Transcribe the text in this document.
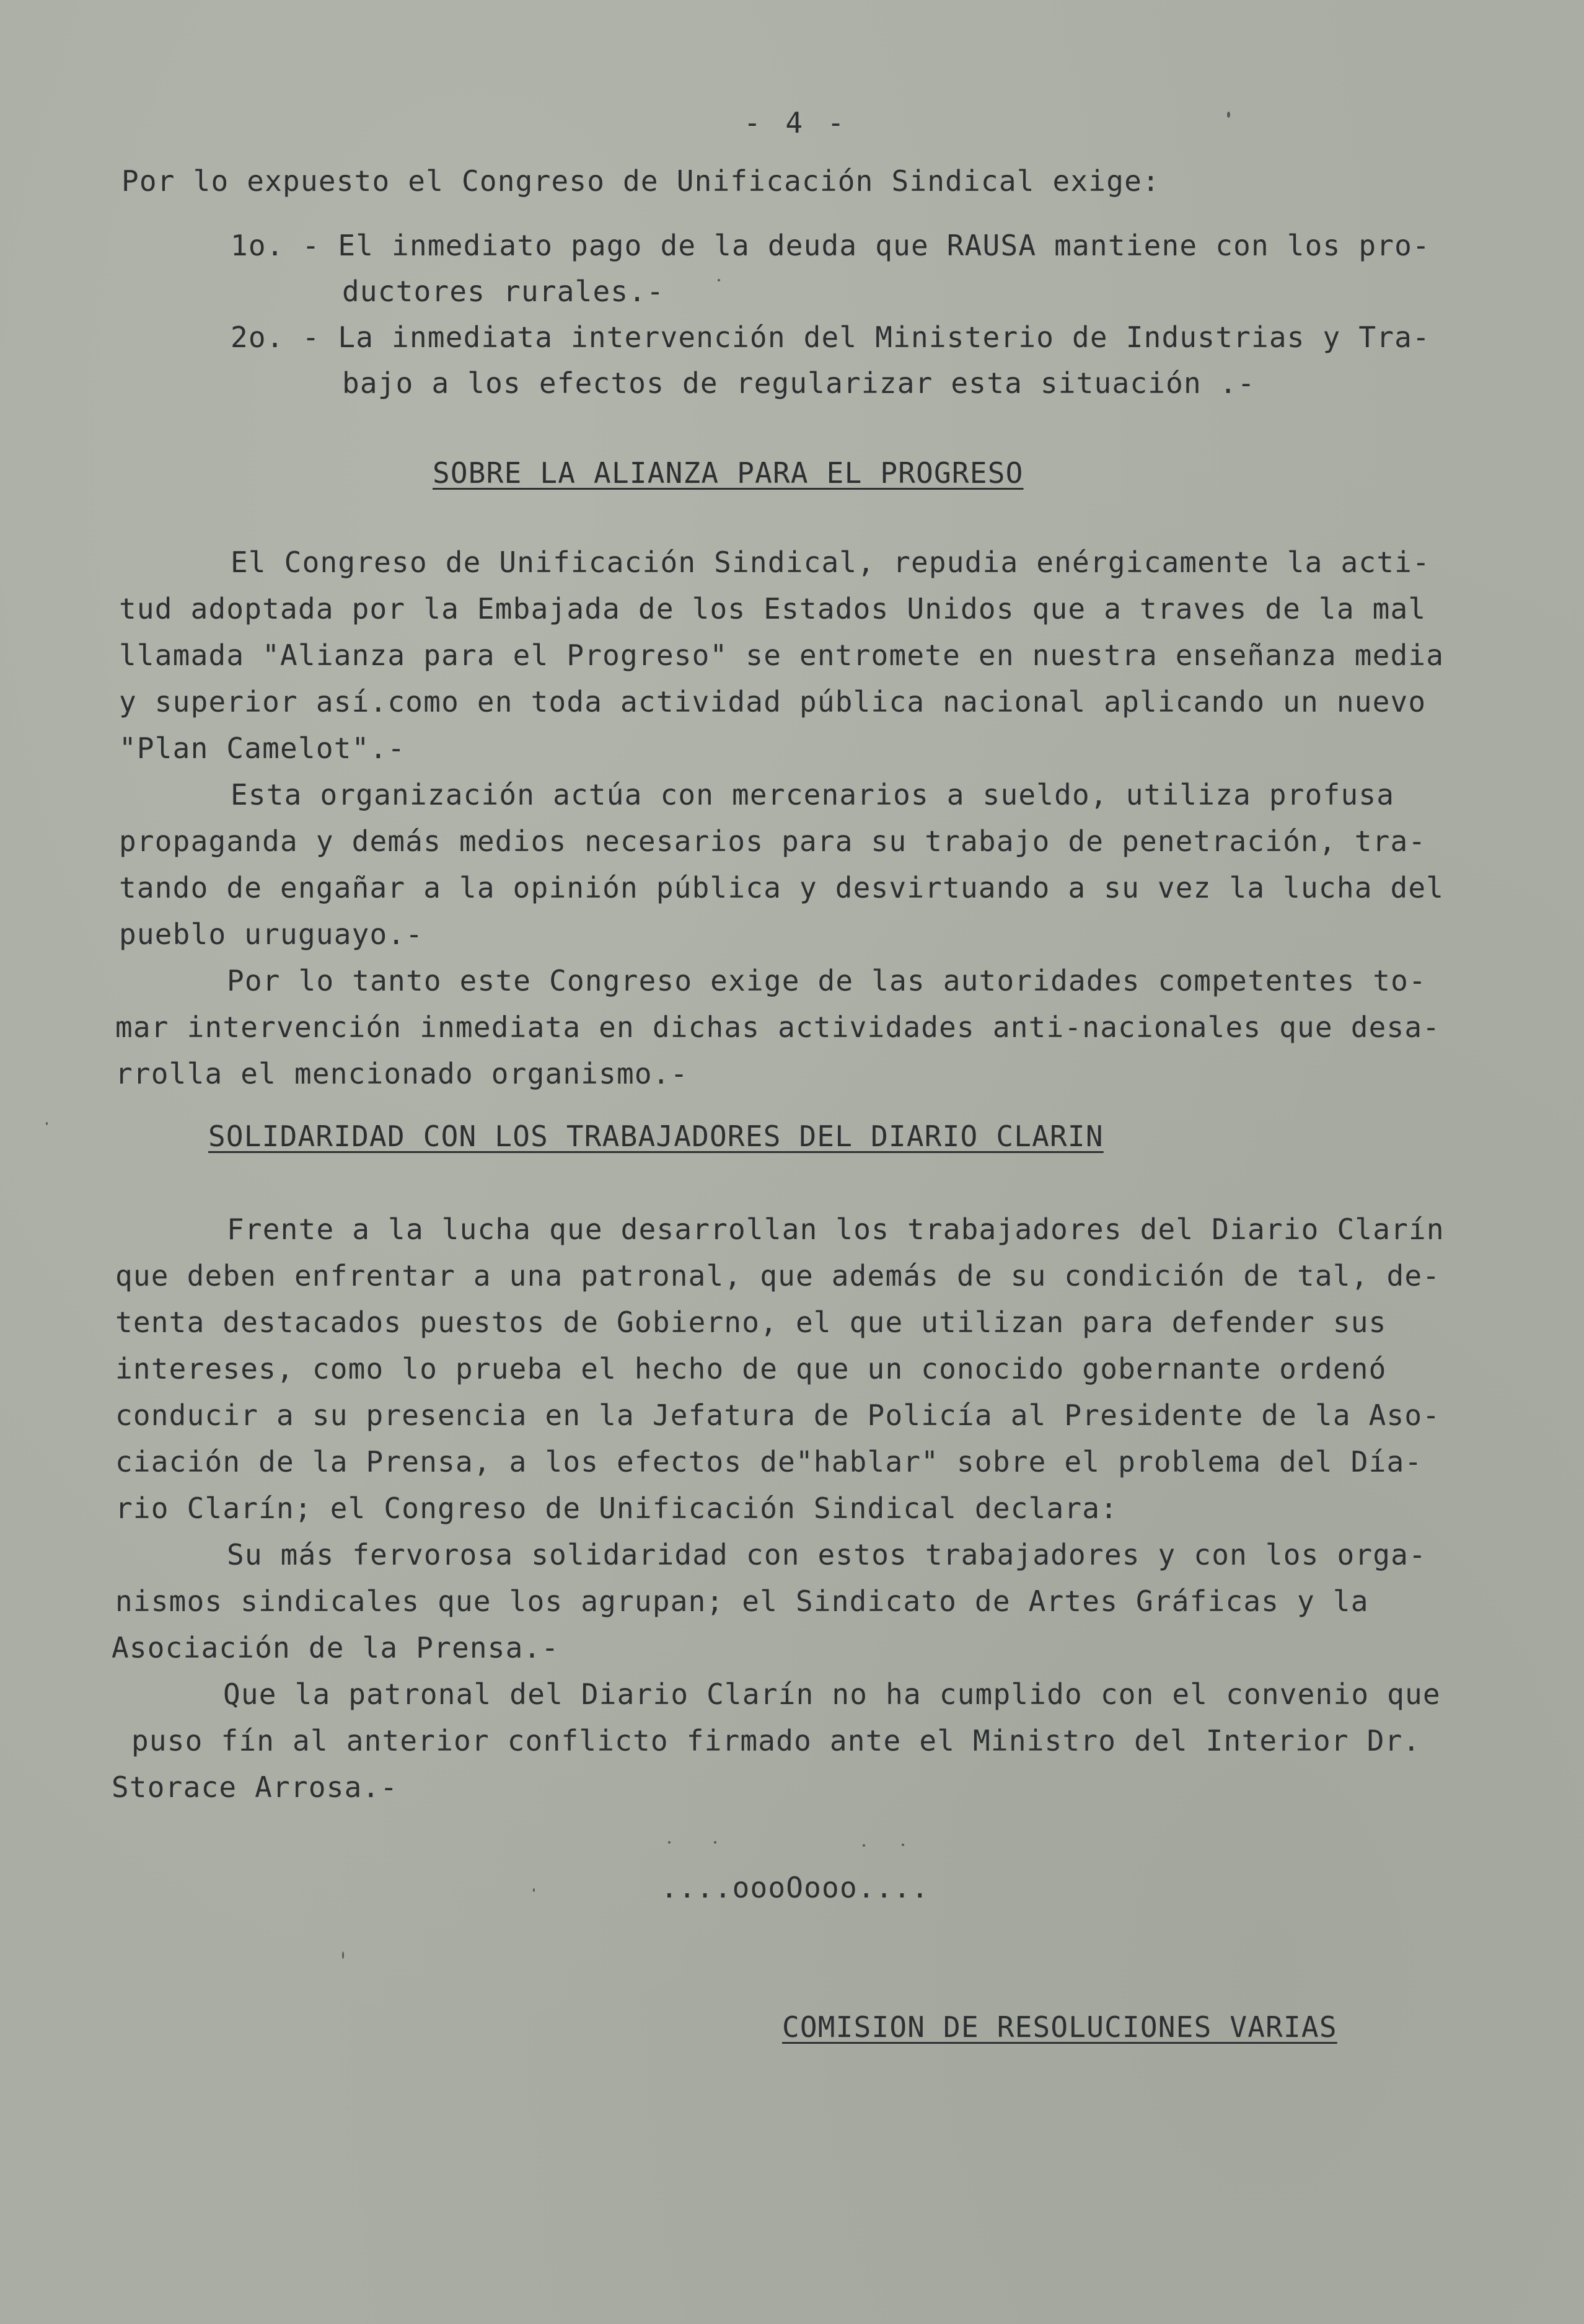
- 4 -
Por lo expuesto el Congreso de Unificación Sindical exige:
1o. - El inmediato pago de la deuda que RAUSA mantiene con los pro-
ductores rurales.-
2o. - La inmediata intervención del Ministerio de Industrias y Tra-
bajo a los efectos de regularizar esta situación .-
SOBRE LA ALIANZA PARA EL PROGRESO
El Congreso de Unificación Sindical, repudia enérgicamente la acti-
tud adoptada por la Embajada de los Estados Unidos que a traves de la mal
llamada "Alianza para el Progreso" se entromete en nuestra enseñanza media
y superior así.como en toda actividad pública nacional aplicando un nuevo
"Plan Camelot".-
Esta organización actúa con mercenarios a sueldo, utiliza profusa
propaganda y demás medios necesarios para su trabajo de penetración, tra-
tando de engañar a la opinión pública y desvirtuando a su vez la lucha del
pueblo uruguayo.-
Por lo tanto este Congreso exige de las autoridades competentes to-
mar intervención inmediata en dichas actividades anti-nacionales que desa-
rrolla el mencionado organismo.-
SOLIDARIDAD CON LOS TRABAJADORES DEL DIARIO CLARIN
Frente a la lucha que desarrollan los trabajadores del Diario Clarín
que deben enfrentar a una patronal, que además de su condición de tal, de-
tenta destacados puestos de Gobierno, el que utilizan para defender sus
intereses, como lo prueba el hecho de que un conocido gobernante ordenó
conducir a su presencia en la Jefatura de Policía al Presidente de la Aso-
ciación de la Prensa, a los efectos de"hablar" sobre el problema del Día-
rio Clarín; el Congreso de Unificación Sindical declara:
Su más fervorosa solidaridad con estos trabajadores y con los orga-
nismos sindicales que los agrupan; el Sindicato de Artes Gráficas y la
Asociación de la Prensa.-
Que la patronal del Diario Clarín no ha cumplido con el convenio que
puso fín al anterior conflicto firmado ante el Ministro del Interior Dr.
Storace Arrosa.-
....oooOooo....
COMISION DE RESOLUCIONES VARIAS
